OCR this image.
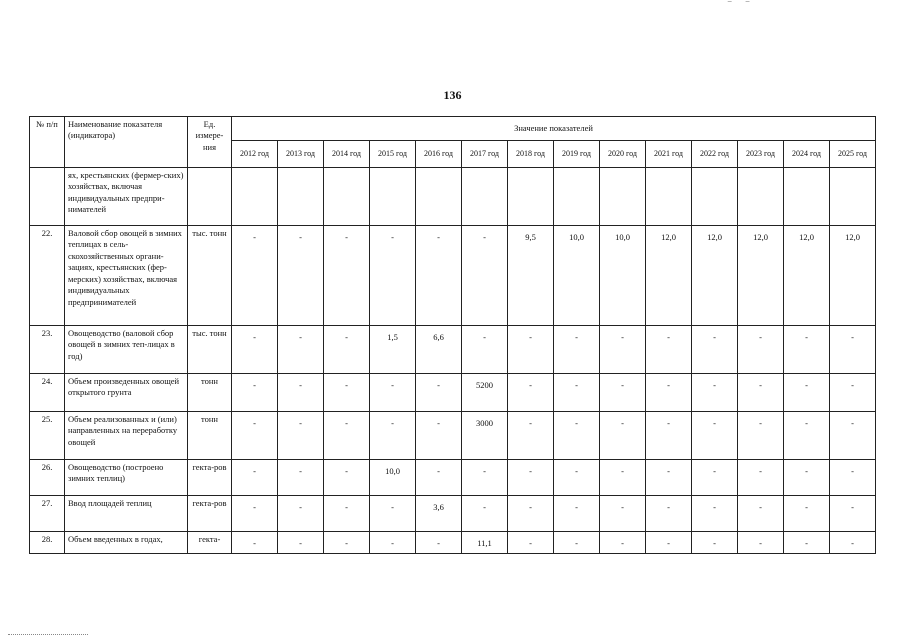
‾ ‾
136
№ п/п	Наименование показателя (индикатора)	Ед. измере-ния	Значение показателей													
			2012 год	2013 год	2014 год	2015 год	2016 год	2017 год	2018 год	2019 год	2020 год	2021 год	2022 год	2023 год	2024 год	2025 год
	ях, крестьянских (фермер-ских) хозяйствах, включая индивидуальных предпри-нимателей															
22.	Валовой сбор овощей в зимних теплицах в сель-скохозяйственных органи-зациях, крестьянских (фер-мерских) хозяйствах, включая индивидуальных предпринимателей	тыс. тонн	-	-	-	-	-	-	9,5	10,0	10,0	12,0	12,0	12,0	12,0	12,0
23.	Овощеводство (валовой сбор овощей в зимних теп-лицах в год)	тыс. тонн	-	-	-	1,5	6,6	-	-	-	-	-	-	-	-	-
24.	Объем произведенных овощей открытого грунта	тонн	-	-	-	-	-	5200	-	-	-	-	-	-	-	-
25.	Объем реализованных и (или) направленных на переработку овощей	тонн	-	-	-	-	-	3000	-	-	-	-	-	-	-	-
26.	Овощеводство (построено зимних теплиц)	гекта-ров	-	-	-	10,0	-	-	-	-	-	-	-	-	-	-
27.	Ввод площадей теплиц	гекта-ров	-	-	-	-	3,6	-	-	-	-	-	-	-	-	-
28.	Объем введенных в годах,	гекта-	-	-	-	-	-	11,1	-	-	-	-	-	-	-	-
